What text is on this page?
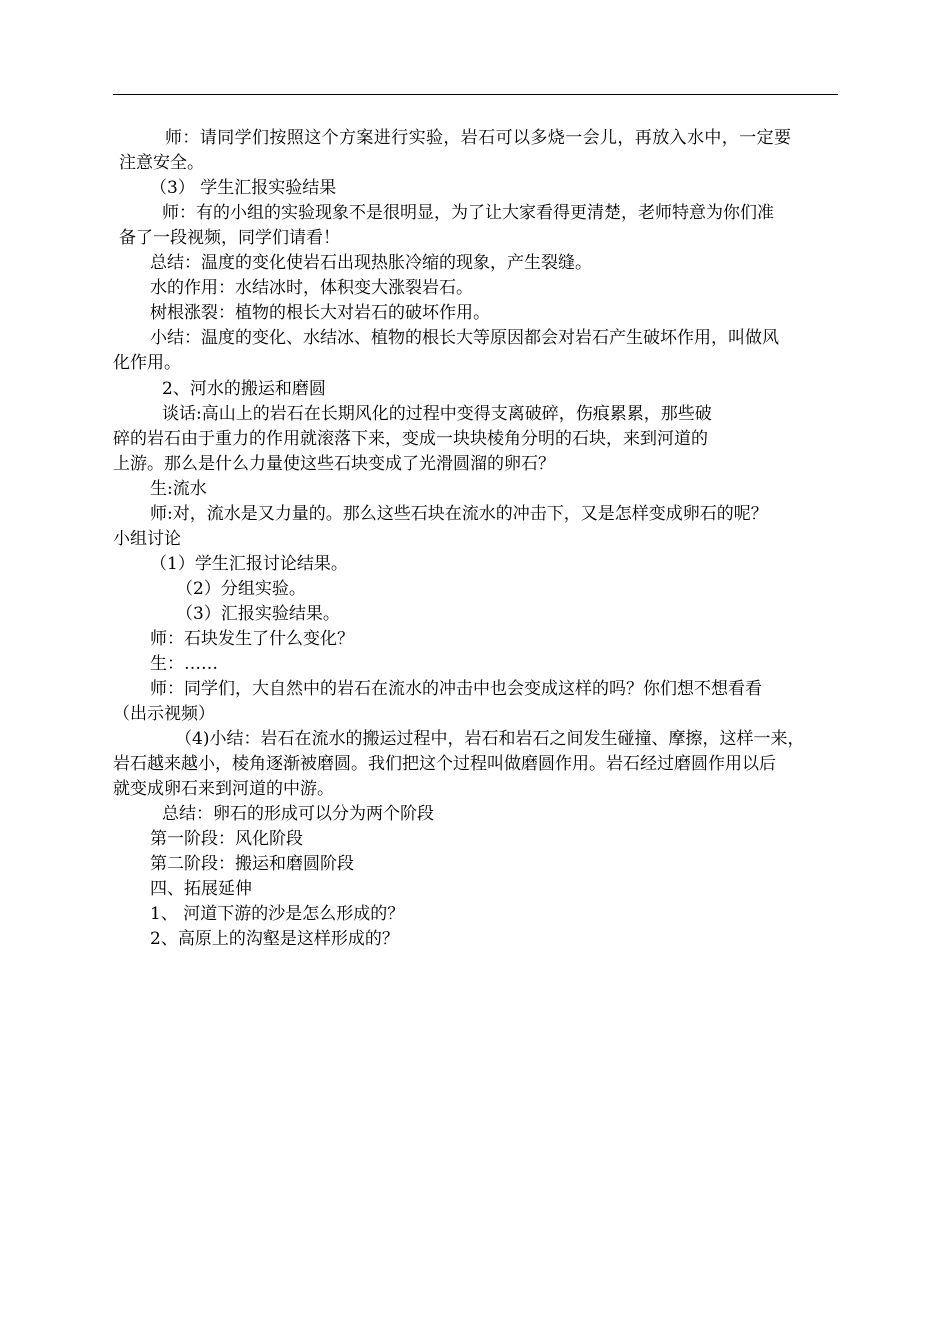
师：请同学们按照这个方案进行实验，岩石可以多烧一会儿，再放入水中，一定要
注意安全。
（3） 学生汇报实验结果
师：有的小组的实验现象不是很明显，为了让大家看得更清楚，老师特意为你们准
备了一段视频，同学们请看！
总结：温度的变化使岩石出现热胀冷缩的现象，产生裂缝。
水的作用：水结冰时，体积变大涨裂岩石。
树根涨裂：植物的根长大对岩石的破坏作用。
小结：温度的变化、水结冰、植物的根长大等原因都会对岩石产生破坏作用，叫做风
化作用。
2、河水的搬运和磨圆
谈话:高山上的岩石在长期风化的过程中变得支离破碎，伤痕累累，那些破
碎的岩石由于重力的作用就滚落下来，变成一块块棱角分明的石块，来到河道的
上游。那么是什么力量使这些石块变成了光滑圆溜的卵石？
生:流水
师:对，流水是又力量的。那么这些石块在流水的冲击下，又是怎样变成卵石的呢？
小组讨论
（1）学生汇报讨论结果。
（2）分组实验。
（3）汇报实验结果。
师：石块发生了什么变化？
生：……
师：同学们，大自然中的岩石在流水的冲击中也会变成这样的吗？你们想不想看看
（出示视频）
（4)小结：岩石在流水的搬运过程中，岩石和岩石之间发生碰撞、摩擦，这样一来，
岩石越来越小，棱角逐渐被磨圆。我们把这个过程叫做磨圆作用。岩石经过磨圆作用以后
就变成卵石来到河道的中游。
总结：卵石的形成可以分为两个阶段
第一阶段：风化阶段
第二阶段：搬运和磨圆阶段
四、拓展延伸
1、 河道下游的沙是怎么形成的？
2、高原上的沟壑是这样形成的？
